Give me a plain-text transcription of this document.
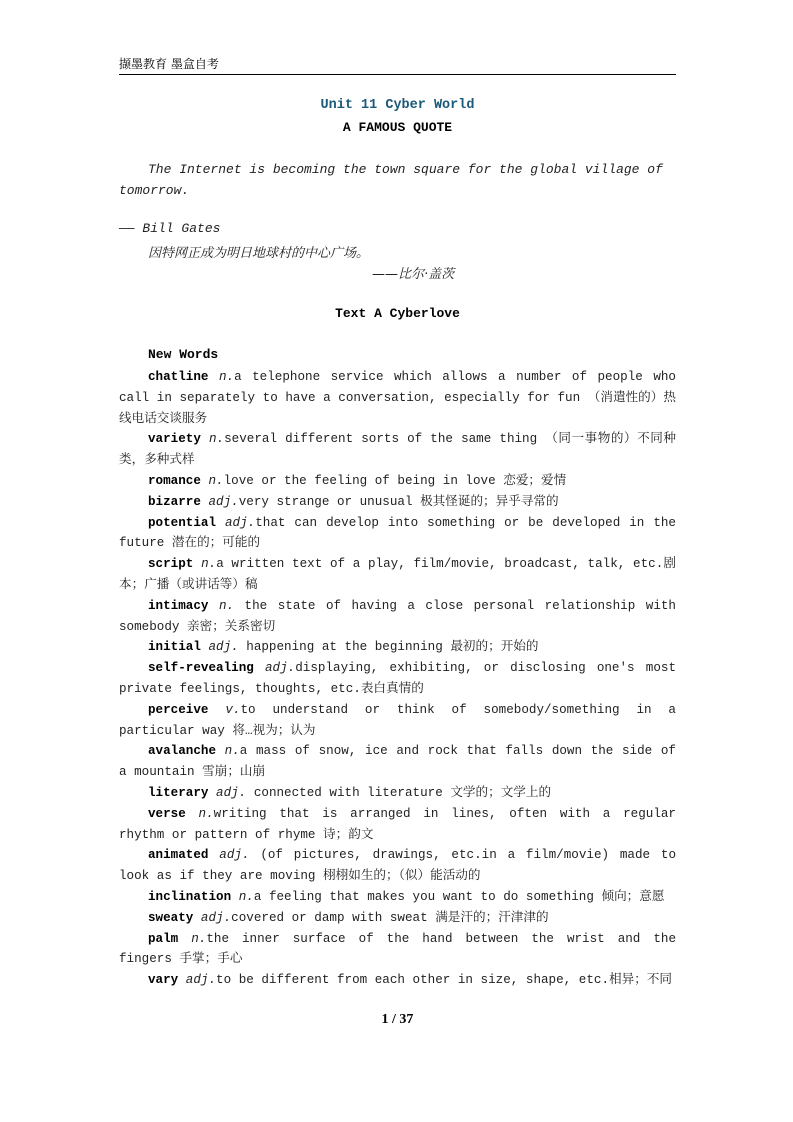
撷墨教育 墨盒自考
Unit 11 Cyber World
A FAMOUS QUOTE
The Internet is becoming the town square for the global village of tomorrow.
—— Bill Gates
因特网正成为明日地球村的中心广场。
——比尔·盖茨
Text A Cyberlove
New Words

chatline n.a telephone service which allows a number of people who call in separately to have a conversation, especially for fun （消遣性的）热线电话交谈服务

variety n.several different sorts of the same thing （同一事物的）不同种类，多种式样

romance n.love or the feeling of being in love 恋爱；爱情

bizarre adj.very strange or unusual 极其怪诞的；异乎寻常的

potential adj.that can develop into something or be developed in the future 潜在的；可能的

script n.a written text of a play, film/movie, broadcast, talk, etc.剧本；广播（或讲话等）稿

intimacy n. the state of having a close personal relationship with somebody 亲密；关系密切

initial adj. happening at the beginning 最初的；开始的

self-revealing adj.displaying, exhibiting, or disclosing one's most private feelings, thoughts, etc.表白真情的

perceive v.to understand or think of somebody/something in a particular way 将…视为；认为

avalanche n.a mass of snow, ice and rock that falls down the side of a mountain 雪崩；山崩

literary adj. connected with literature 文学的；文学上的

verse n.writing that is arranged in lines, often with a regular rhythm or pattern of rhyme 诗；韵文

animated adj. (of pictures, drawings, etc.in a film/movie) made to look as if they are moving 栩栩如生的；（似）能活动的

inclination n.a feeling that makes you want to do something 倾向；意愿

sweaty adj.covered or damp with sweat 满是汗的；汗津津的

palm n.the inner surface of the hand between the wrist and the fingers 手掌；手心

vary adj.to be different from each other in size, shape, etc.相异；不同

1 / 37
